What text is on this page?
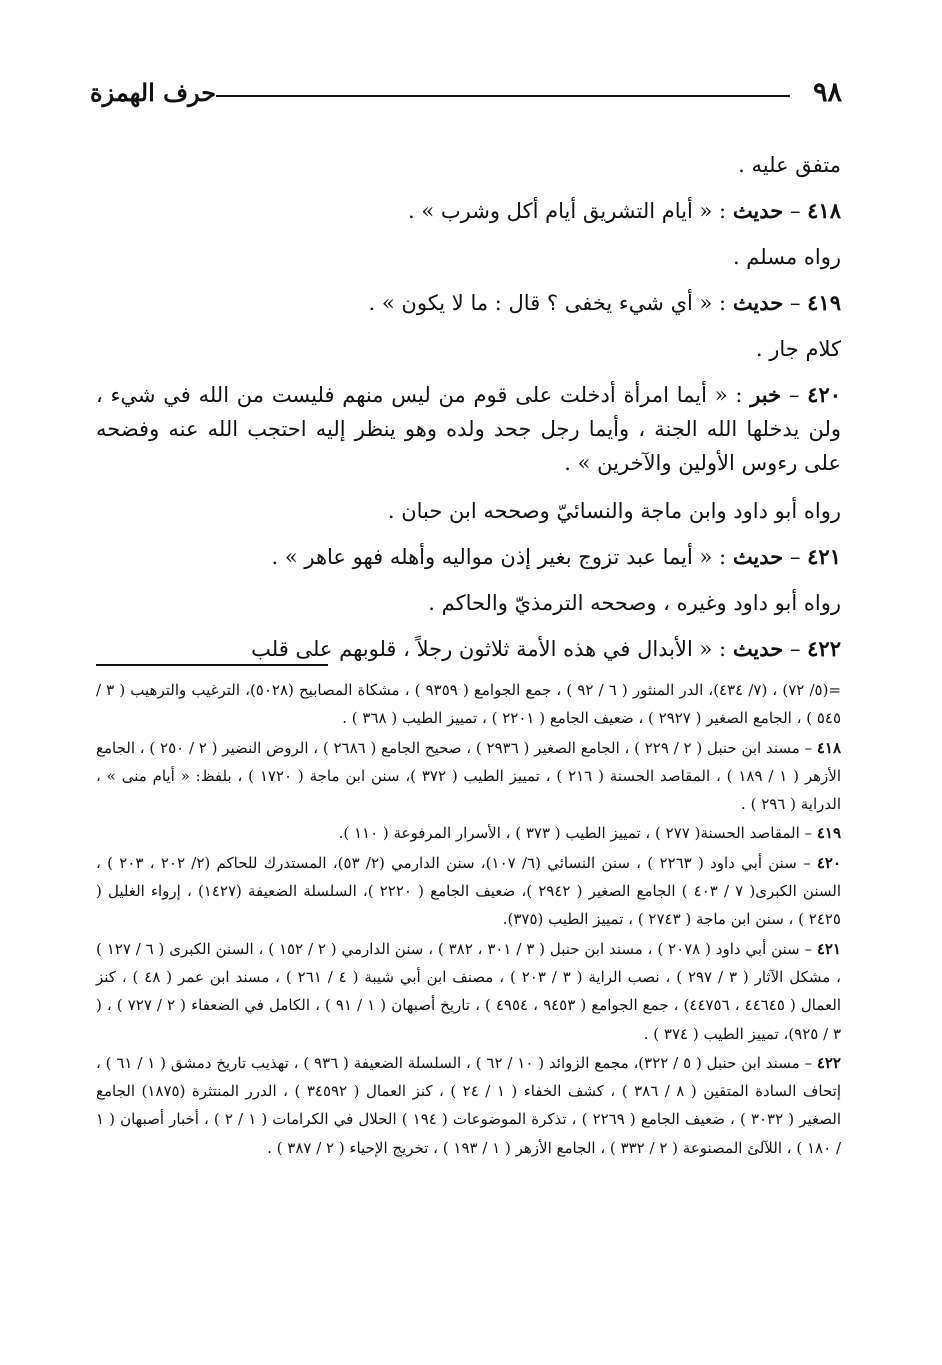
٩٨
حرف الهمزة

متفق عليه .

٤١٨ – حديث : « أيام التشريق أيام أكل وشرب » .

رواه مسلم .

٤١٩ – حديث : « أي شيء يخفى ؟ قال : ما لا يكون » .

كلام جار .

٤٢٠ – خبر : « أيما امرأة أدخلت على قوم من ليس منهم فليست من الله في شيء ، ولن يدخلها الله الجنة ، وأيما رجل جحد ولده وهو ينظر إليه احتجب الله عنه وفضحه على رءوس الأولين والآخرين » .

رواه أبو داود وابن ماجة والنسائيّ وصححه ابن حبان .

٤٢١ – حديث : « أيما عبد تزوج بغير إذن مواليه وأهله فهو عاهر » .

رواه أبو داود وغيره ، وصححه الترمذيّ والحاكم .

٤٢٢ – حديث : « الأبدال في هذه الأمة ثلاثون رجلاً ، قلوبهم على قلب

=(٥/ ٧٢) ، (٧/ ٤٣٤)، الدر المنثور ( ٦ / ٩٢ ) ، جمع الجوامع ( ٩٣٥٩ ) ، مشكاة المصابيح (٥٠٢٨)، الترغيب والترهيب ( ٣ / ٥٤٥ ) ، الجامع الصغير ( ٢٩٢٧ ) ، ضعيف الجامع ( ٢٢٠١ ) ، تمييز الطيب ( ٣٦٨ ) .

٤١٨ – مسند ابن حنبل ( ٢ / ٢٢٩ ) ، الجامع الصغير ( ٢٩٣٦ ) ، صحيح الجامع ( ٢٦٨٦ ) ، الروض النضير ( ٢ / ٢٥٠ ) ، الجامع الأزهر ( ١ / ١٨٩ ) ، المقاصد الحسنة ( ٢١٦ ) ، تمييز الطيب ( ٣٧٢ )، سنن ابن ماجة ( ١٧٢٠ ) ، بلفظ: « أيام منى » ، الدراية ( ٢٩٦ ) .

٤١٩ – المقاصد الحسنة( ٢٧٧ ) ، تمييز الطيب ( ٣٧٣ ) ، الأسرار المرفوعة ( ١١٠ ).

٤٢٠ – سنن أبي داود ( ٢٢٦٣ ) ، سنن النسائي (٦/ ١٠٧)، سنن الدارمي (٢/ ٥٣)، المستدرك للحاكم (٢/ ٢٠٢ ، ٢٠٣ ) ، السنن الكبرى( ٧ / ٤٠٣ ) الجامع الصغير ( ٢٩٤٢ )، ضعيف الجامع ( ٢٢٢٠ )، السلسلة الضعيفة (١٤٢٧) ، إرواء الغليل ( ٢٤٢٥ ) ، سنن ابن ماجة ( ٢٧٤٣ ) ، تمييز الطيب (٣٧٥).

٤٢١ – سنن أبي داود ( ٢٠٧٨ ) ، مسند ابن حنبل ( ٣ / ٣٠١ ، ٣٨٢ ) ، سنن الدارمي ( ٢ / ١٥٢ ) ، السنن الكبرى ( ٦ / ١٢٧ ) ، مشكل الآثار ( ٣ / ٢٩٧ ) ، نصب الراية ( ٣ / ٢٠٣ ) ، مصنف ابن أبي شيبة ( ٤ / ٢٦١ ) ، مسند ابن عمر ( ٤٨ ) ، كنز العمال ( ٤٤٦٤٥ ، ٤٤٧٥٦) ، جمع الجوامع ( ٩٤٥٣ ، ٤٩٥٤ ) ، تاريخ أصبهان ( ١ / ٩١ ) ، الكامل في الضعفاء ( ٢ / ٧٢٧ ) ، ( ٣ / ٩٢٥)، تمييز الطيب ( ٣٧٤ ) .

٤٢٢ – مسند ابن حنبل ( ٥ / ٣٢٢)، مجمع الزوائد ( ١٠ / ٦٢ ) ، السلسلة الضعيفة ( ٩٣٦ ) ، تهذيب تاريخ دمشق ( ١ / ٦١ ) ، إتحاف السادة المتقين ( ٨ / ٣٨٦ ) ، كشف الخفاء ( ١ / ٢٤ ) ، كنز العمال ( ٣٤٥٩٢ ) ، الدرر المنتثرة (١٨٧٥) الجامع الصغير ( ٣٠٣٢ ) ، ضعيف الجامع ( ٢٢٦٩ ) ، تذكرة الموضوعات ( ١٩٤ ) الحلال في الكرامات ( ١ / ٢ ) ، أخبار أصبهان ( ١ / ١٨٠ ) ، اللآلئ المصنوعة ( ٢ / ٣٣٢ ) ، الجامع الأزهر ( ١ / ١٩٣ ) ، تخريج الإحياء ( ٢ / ٣٨٧ ) .
